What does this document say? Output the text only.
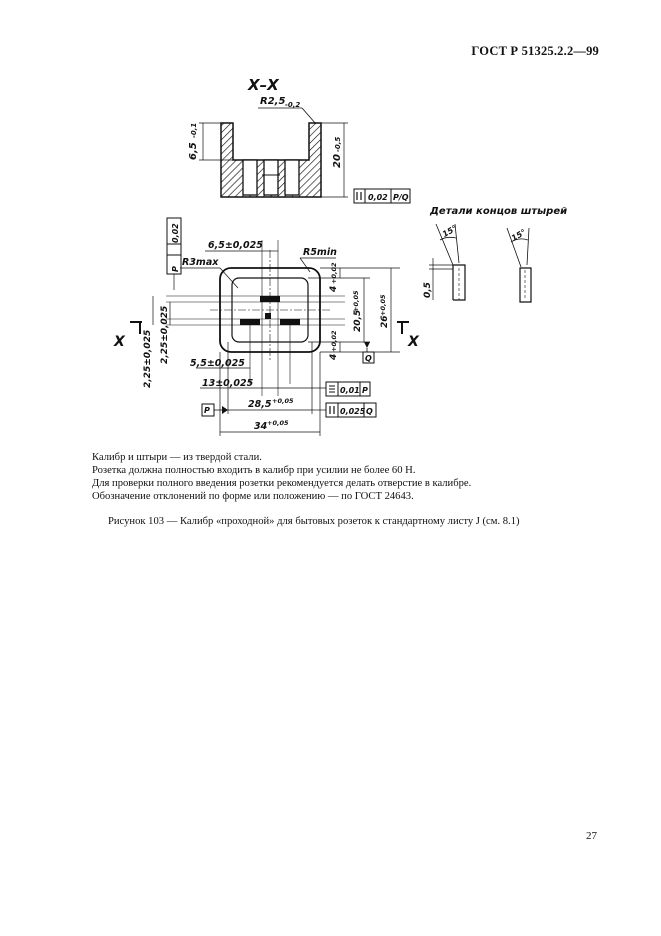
ГОСТ Р 51325.2.2—99
X–X
R2,5 -0,2
6,5
-0,1
20
-0,5
0,02 P/Q
Детали концов штырей
15°
0,5
15°
0,02
P
6,5±0,025
R5min
R3max
4
+0,02
20,5
+0,05
26
+0,05
4
+0,02
Q
X	X
2,25±0,025 2,25±0,025 5,5±0,025
13±0,025
0,01 P
28,5 +0,05
P	0,025 Q
34 +0,05
Калибр и штыри — из твердой стали.
Розетка должна полностью входить в калибр при усилии не более 60 Н.
Для проверки полного введения розетки рекомендуется делать отверстие в калибре.
Обозначение отклонений по форме или положению — по ГОСТ 24643.
Рисунок 103 — Калибр «проходной» для бытовых розеток к стандартному листу J (см. 8.1)
27
